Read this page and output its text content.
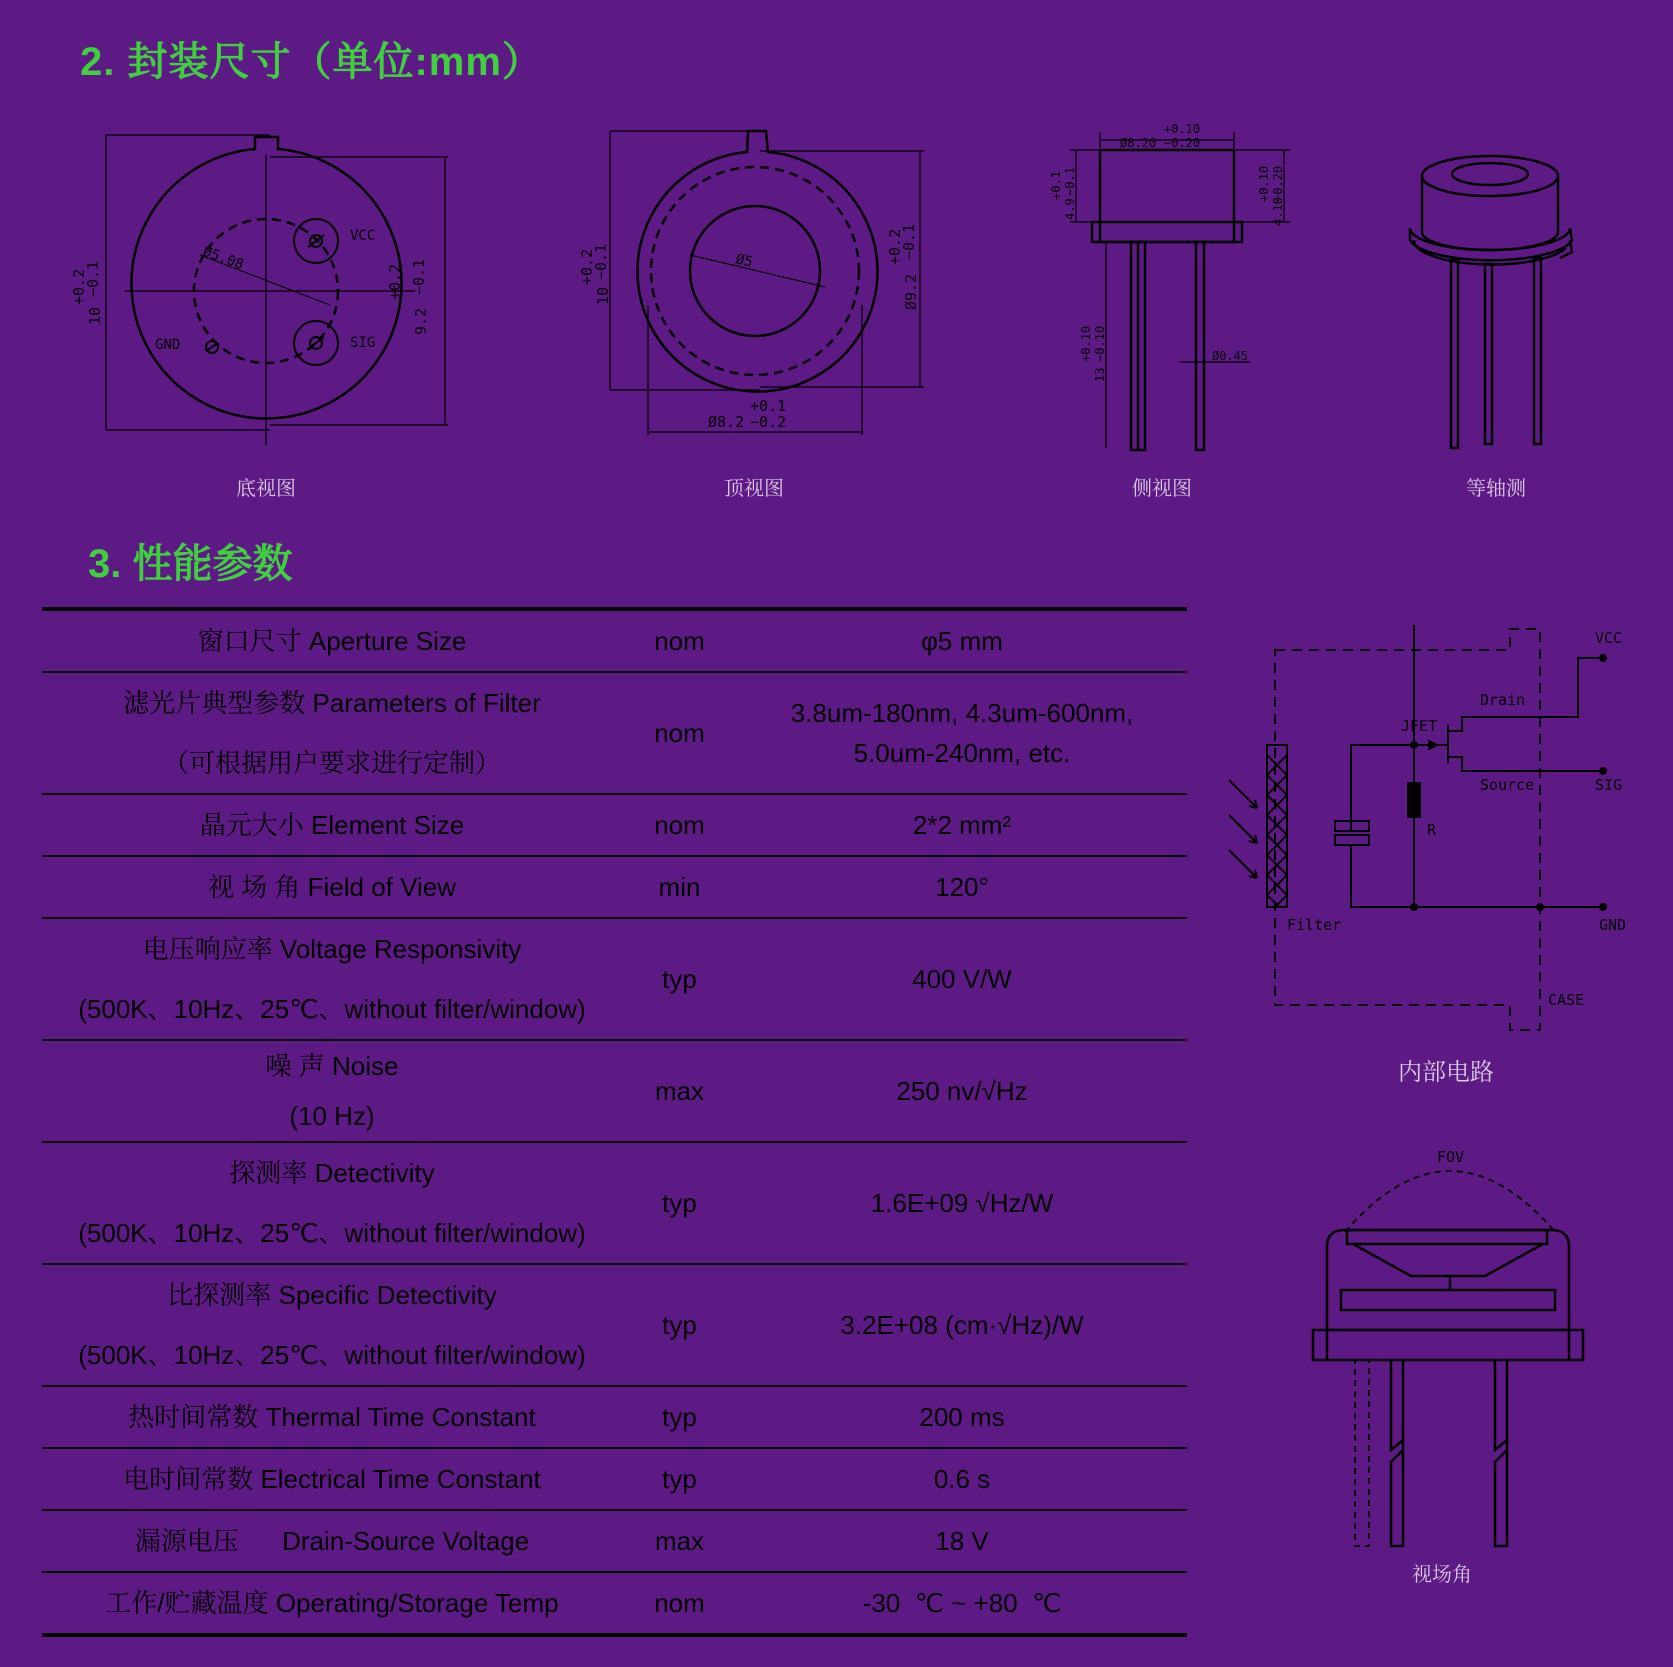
2. 封装尺寸（单位:mm）
3. 性能参数
VCC
SIG
GND
Ø5.08
+0.2
−0.1
10
+0.2 −0.1
9.2
底视图
Ø5
+0.2
−0.1
10
+0.2
−0.1
Ø9.2
+0.1
Ø8.2 −0.2
顶视图
+0.10
Ø8.20 −0.20
+0.1 −0.1
4.9
+0.10 −0.20
4.10
+0.10 −0.10
13
Ø0.45
侧视图	等轴测
窗口尺寸 Aperture Size	nom	φ5 mm

滤光片典型参数 Parameters of Filter
（可根据用户要求进行定制）	nom	3.8um-180nm, 4.3um-600nm,
5.0um-240nm, etc.

晶元大小 Element Size	nom	2*2 mm²

视 场 角 Field of View	min	120°

电压响应率 Voltage Responsivity
(500K、10Hz、25℃、without filter/window)	typ	400 V/W

噪 声 Noise
(10 Hz)	max	250 nv/√Hz

探测率 Detectivity
(500K、10Hz、25℃、without filter/window)	typ	1.6E+09 √Hz/W

比探测率 Specific Detectivity
(500K、10Hz、25℃、without filter/window)	typ	3.2E+08 (cm·√Hz)/W

热时间常数 Thermal Time Constant	typ	200 ms

电时间常数 Electrical Time Constant	typ	0.6 s

漏源电压      Drain-Source Voltage	max	18 V

工作/贮藏温度 Operating/Storage Temp	nom	-30  ℃ ~ +80  ℃
VCC
Drain
JFET
Source	SIG
R
Filter	GND
CASE
内部电路
FOV
视场角
